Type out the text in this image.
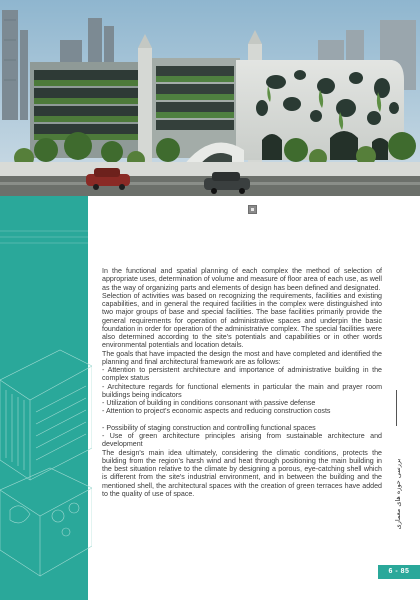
In the functional and spatial planning of each complex the method of selection of appropriate uses, determination of volume and measure of floor area of each use, as well as the way of organizing parts and elements of design has been defined and designated.

Selection of activities was based on recognizing the requirements, facilities and existing capabilities, and in general the required facilities in the complex were distinguished into two major groups of base and special facilities. The base facilities primarily provide the general requirements for operation of administrative spaces and underpin the basic foundation in order for operation of the administrative complex. The special facilities were also determined according to the site's potentials and capabilities or in other words environmental potentials and location details.

The goals that have impacted the design the most and have completed and identified the planning and final architectural framework are as follows:

- Attention to persistent architecture and importance of administrative building in the complex status

- Architecture regards for functional elements in particular the main and prayer room buildings being indicators

- Utilization of building in conditions consonant with passive defense

- Attention to project's economic aspects and reducing construction costs

- Possibility of staging construction and controlling functional spaces

- Use of green architecture principles arising from sustainable architecture and development

The design's main idea ultimately, considering the climatic conditions, protects the building from the region's harsh wind and heat through positioning the main building in the best situation relative to the climate by designing a porous, eye-catching shell which is different from the site's industrial environment, and in between the building and the mentioned shell, the architectural spaces with the creation of green terraces have added to the quality of use of space.	بررسی حوزه های معماری
6 - 85
